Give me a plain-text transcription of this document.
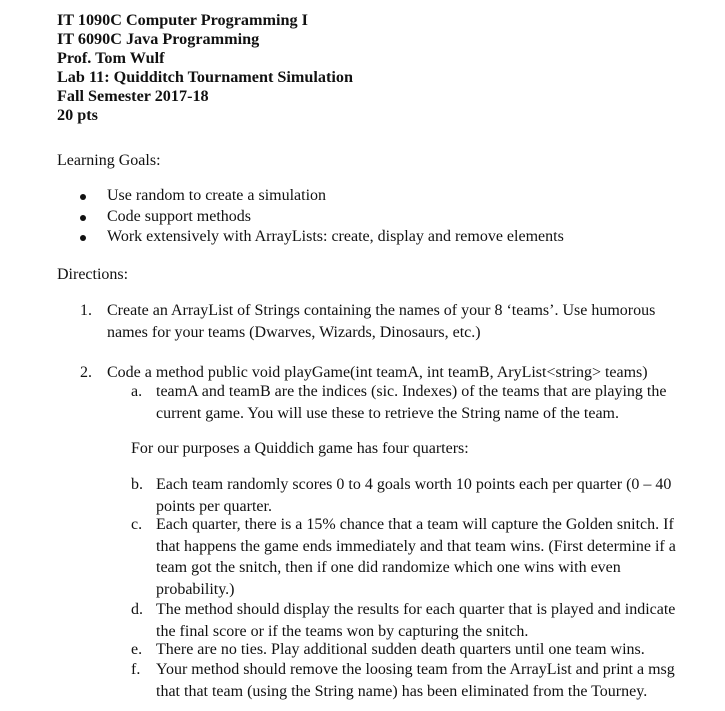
IT 1090C Computer Programming I
IT 6090C Java Programming
Prof. Tom Wulf
Lab 11: Quidditch Tournament Simulation
Fall Semester 2017-18
20 pts
Learning Goals:
Use random to create a simulation
Code support methods
Work extensively with ArrayLists: create, display and remove elements
Directions:
1. Create an ArrayList of Strings containing the names of your 8 ‘teams’. Use humorous names for your teams (Dwarves, Wizards, Dinosaurs, etc.)
2. Code a method public void playGame(int teamA, int teamB, AryList<string> teams)
a. teamA and teamB are the indices (sic. Indexes) of the teams that are playing the current game. You will use these to retrieve the String name of the team.
For our purposes a Quiddich game has four quarters:
b. Each team randomly scores 0 to 4 goals worth 10 points each per quarter (0 – 40 points per quarter.
c. Each quarter, there is a 15% chance that a team will capture the Golden snitch. If that happens the game ends immediately and that team wins. (First determine if a team got the snitch, then if one did randomize which one wins with even probability.)
d. The method should display the results for each quarter that is played and indicate the final score or if the teams won by capturing the snitch.
e. There are no ties. Play additional sudden death quarters until one team wins.
f. Your method should remove the loosing team from the ArrayList and print a msg that that team (using the String name) has been eliminated from the Tourney.
